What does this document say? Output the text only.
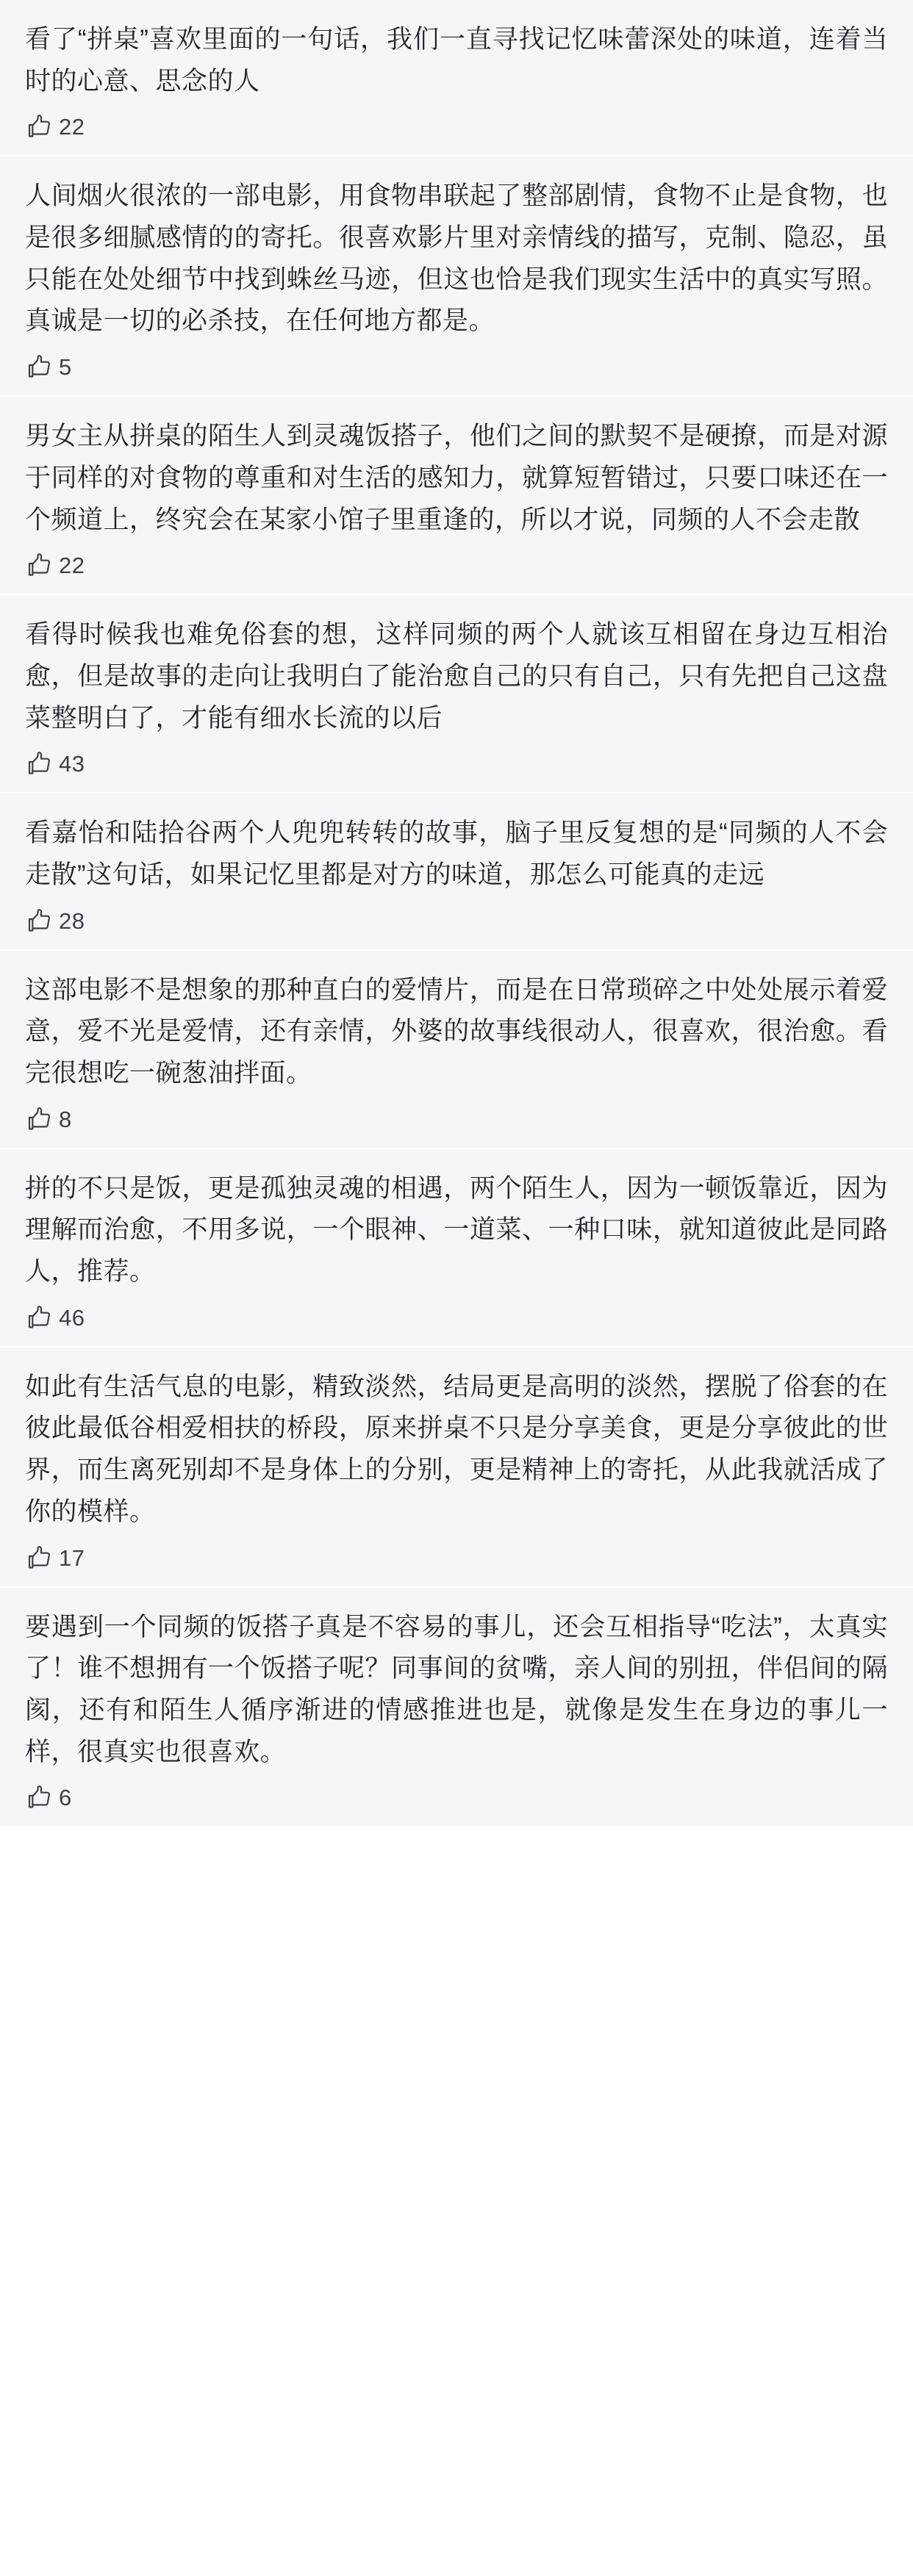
看了“拼桌”喜欢里面的一句话，我们一直寻找记忆味蕾深处的味道，连着当时的心意、思念的人
22
人间烟火很浓的一部电影，用食物串联起了整部剧情，食物不止是食物，也是很多细腻感情的的寄托。很喜欢影片里对亲情线的描写，克制、隐忍，虽只能在处处细节中找到蛛丝马迹，但这也恰是我们现实生活中的真实写照。真诚是一切的必杀技，在任何地方都是。
5
男女主从拼桌的陌生人到灵魂饭搭子，他们之间的默契不是硬撩，而是对源于同样的对食物的尊重和对生活的感知力，就算短暂错过，只要口味还在一个频道上，终究会在某家小馆子里重逢的，所以才说，同频的人不会走散
22
看得时候我也难免俗套的想，这样同频的两个人就该互相留在身边互相治愈，但是故事的走向让我明白了能治愈自己的只有自己，只有先把自己这盘菜整明白了，才能有细水长流的以后
43
看嘉怡和陆拾谷两个人兜兜转转的故事，脑子里反复想的是“同频的人不会走散”这句话，如果记忆里都是对方的味道，那怎么可能真的走远
28
这部电影不是想象的那种直白的爱情片，而是在日常琐碎之中处处展示着爱意，爱不光是爱情，还有亲情，外婆的故事线很动人，很喜欢，很治愈。看完很想吃一碗葱油拌面。
8
拼的不只是饭，更是孤独灵魂的相遇，两个陌生人，因为一顿饭靠近，因为理解而治愈，不用多说，一个眼神、一道菜、一种口味，就知道彼此是同路人，推荐。
46
如此有生活气息的电影，精致淡然，结局更是高明的淡然，摆脱了俗套的在彼此最低谷相爱相扶的桥段，原来拼桌不只是分享美食，更是分享彼此的世界，而生离死别却不是身体上的分别，更是精神上的寄托，从此我就活成了你的模样。
17
要遇到一个同频的饭搭子真是不容易的事儿，还会互相指导“吃法”，太真实了！谁不想拥有一个饭搭子呢？同事间的贫嘴，亲人间的别扭，伴侣间的隔阂，还有和陌生人循序渐进的情感推进也是，就像是发生在身边的事儿一样，很真实也很喜欢。
6
